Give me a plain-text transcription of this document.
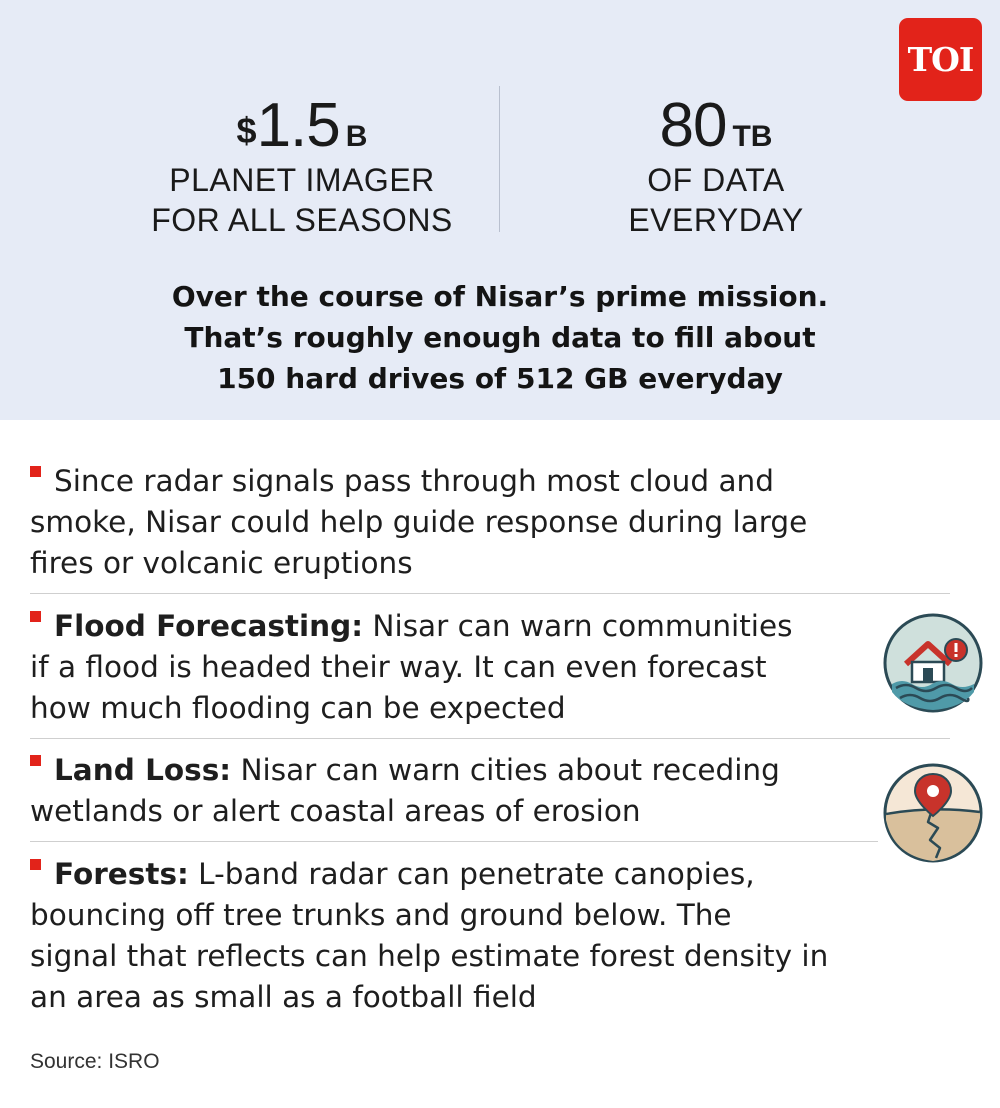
TOI
$1.5 B
PLANET IMAGER
FOR ALL SEASONS
80 TB
OF DATA
EVERYDAY
Over the course of Nisar’s prime mission.
That’s roughly enough data to fill about
150 hard drives of 512 GB everyday
Since radar signals pass through most cloud and
smoke, Nisar could help guide response during large
fires or volcanic eruptions
Flood Forecasting: Nisar can warn communities
if a flood is headed their way. It can even forecast
how much flooding can be expected
Land Loss: Nisar can warn cities about receding
wetlands or alert coastal areas of erosion
Forests: L-band radar can penetrate canopies,
bouncing off tree trunks and ground below. The
signal that reflects can help estimate forest density in
an area as small as a football field
Source: ISRO
